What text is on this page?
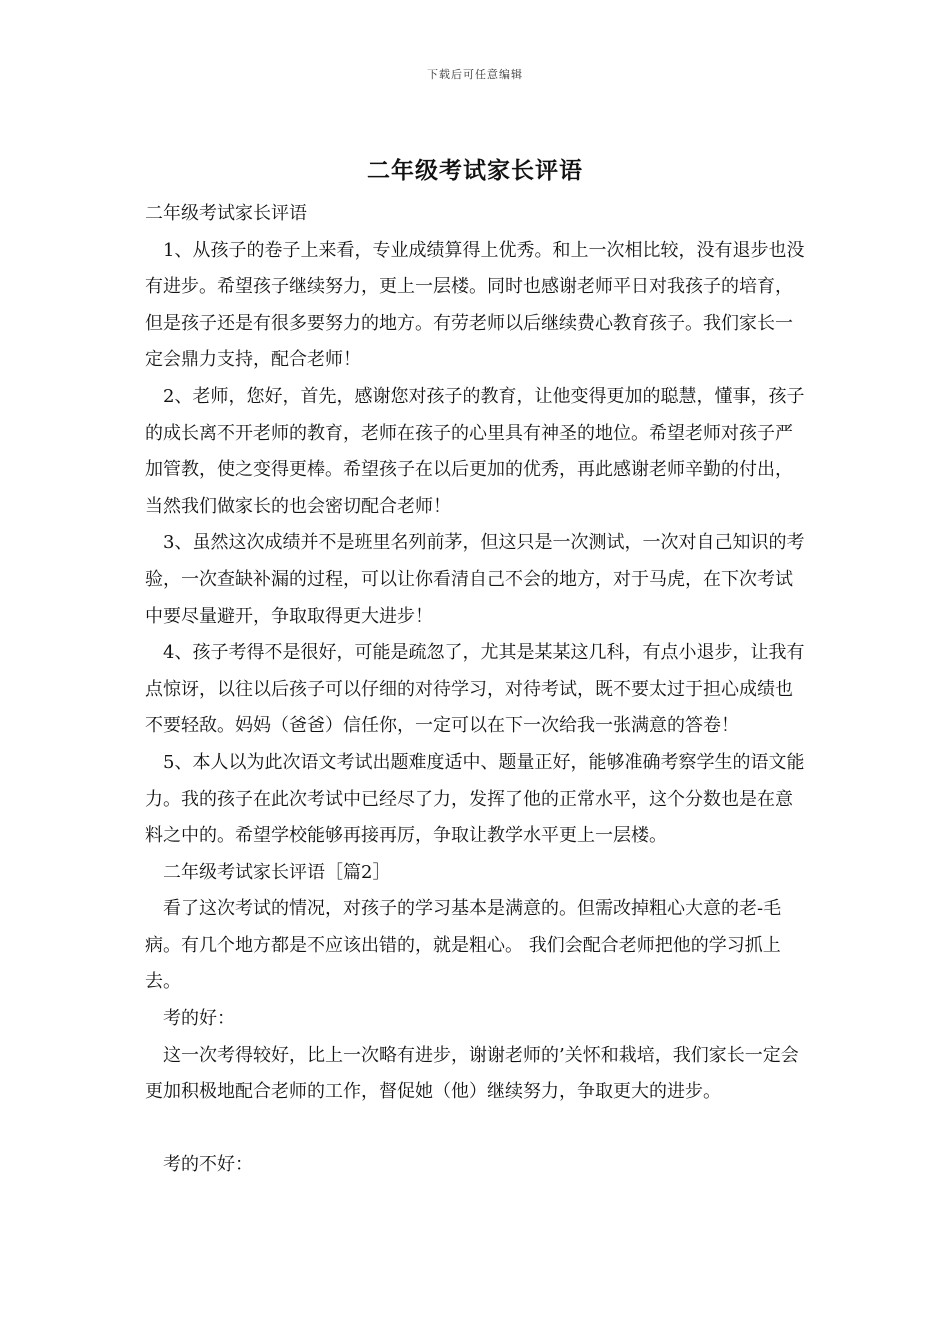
下载后可任意编辑
二年级考试家长评语

二年级考试家长评语

1、从孩子的卷子上来看，专业成绩算得上优秀。和上一次相比较，没有退步也没有进步。希望孩子继续努力，更上一层楼。同时也感谢老师平日对我孩子的培育，但是孩子还是有很多要努力的地方。有劳老师以后继续费心教育孩子。我们家长一定会鼎力支持，配合老师！

2、老师，您好，首先，感谢您对孩子的教育，让他变得更加的聪慧，懂事，孩子的成长离不开老师的教育，老师在孩子的心里具有神圣的地位。希望老师对孩子严加管教，使之变得更棒。希望孩子在以后更加的优秀，再此感谢老师辛勤的付出，当然我们做家长的也会密切配合老师！

3、虽然这次成绩并不是班里名列前茅，但这只是一次测试，一次对自己知识的考验，一次查缺补漏的过程，可以让你看清自己不会的地方，对于马虎，在下次考试中要尽量避开，争取取得更大进步！

4、孩子考得不是很好，可能是疏忽了，尤其是某某这几科，有点小退步，让我有点惊讶，以往以后孩子可以仔细的对待学习，对待考试，既不要太过于担心成绩也不要轻敌。妈妈（爸爸）信任你，一定可以在下一次给我一张满意的答卷！

5、本人以为此次语文考试出题难度适中、题量正好，能够准确考察学生的语文能力。我的孩子在此次考试中已经尽了力，发挥了他的正常水平，这个分数也是在意料之中的。希望学校能够再接再厉，争取让教学水平更上一层楼。

二年级考试家长评语［篇2］

看了这次考试的情况，对孩子的学习基本是满意的。但需改掉粗心大意的老-毛病。有几个地方都是不应该出错的，就是粗心。 我们会配合老师把他的学习抓上去。

考的好：

这一次考得较好，比上一次略有进步，谢谢老师的’关怀和栽培，我们家长一定会更加积极地配合老师的工作，督促她（他）继续努力，争取更大的进步。

考的不好：
